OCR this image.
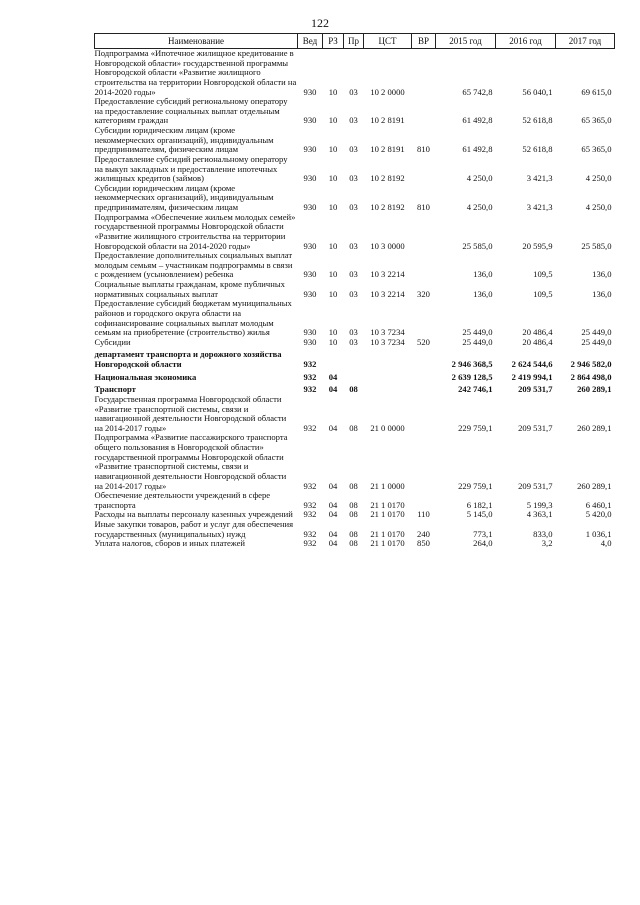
122
Наименование	Вед	РЗ	Пр	ЦСТ	ВР	2015 год	2016 год	2017 год
Подпрограмма «Ипотечное жилищное кредитование в Новгородской области» государственной программы Новгородской области «Развитие жилищного строительства на территории Новгородской области на 2014-2020 годы»	930	10	03	10 2 0000		65 742,8	56 040,1	69 615,0
Предоставление субсидий региональному оператору на предоставление социальных выплат отдельным категориям граждан	930	10	03	10 2 8191		61 492,8	52 618,8	65 365,0
Субсидии юридическим лицам (кроме некоммерческих организаций), индивидуальным предпринимателям, физическим лицам	930	10	03	10 2 8191	810	61 492,8	52 618,8	65 365,0
Предоставление субсидий региональному оператору на выкуп закладных и предоставление ипотечных жилищных кредитов (займов)	930	10	03	10 2 8192		4 250,0	3 421,3	4 250,0
Субсидии юридическим лицам (кроме некоммерческих организаций), индивидуальным предпринимателям, физическим лицам	930	10	03	10 2 8192	810	4 250,0	3 421,3	4 250,0
Подпрограмма «Обеспечение жильем молодых семей» государственной программы Новгородской области «Развитие жилищного строительства на территории Новгородской области на 2014-2020 годы»	930	10	03	10 3 0000		25 585,0	20 595,9	25 585,0
Предоставление дополнительных социальных выплат молодым семьям – участникам подпрограммы в связи с рождением (усыновлением) ребенка	930	10	03	10 3 2214		136,0	109,5	136,0
Социальные выплаты гражданам, кроме публичных нормативных социальных выплат	930	10	03	10 3 2214	320	136,0	109,5	136,0
Предоставление субсидий бюджетам муниципальных районов и городского округа области на софинансирование социальных выплат молодым семьям на приобретение (строительство) жилья	930	10	03	10 3 7234		25 449,0	20 486,4	25 449,0
Субсидии	930	10	03	10 3 7234	520	25 449,0	20 486,4	25 449,0
департамент транспорта и дорожного хозяйства Новгородской области	932					2 946 368,5	2 624 544,6	2 946 582,0
Национальная экономика	932	04				2 639 128,5	2 419 994,1	2 864 498,0
Транспорт	932	04	08			242 746,1	209 531,7	260 289,1
Государственная программа Новгородской области «Развитие транспортной системы, связи и навигационной деятельности Новгородской области на 2014-2017 годы»	932	04	08	21 0 0000		229 759,1	209 531,7	260 289,1
Подпрограмма «Развитие пассажирского транспорта общего пользования в Новгородской области» государственной программы Новгородской области «Развитие транспортной системы, связи и навигационной деятельности Новгородской области на 2014-2017 годы»	932	04	08	21 1 0000		229 759,1	209 531,7	260 289,1
Обеспечение деятельности учреждений в сфере транспорта	932	04	08	21 1 0170		6 182,1	5 199,3	6 460,1
Расходы на выплаты персоналу казенных учреждений	932	04	08	21 1 0170	110	5 145,0	4 363,1	5 420,0
Иные закупки товаров, работ и услуг для обеспечения государственных (муниципальных) нужд	932	04	08	21 1 0170	240	773,1	833,0	1 036,1
Уплата налогов, сборов и иных платежей	932	04	08	21 1 0170	850	264,0	3,2	4,0
